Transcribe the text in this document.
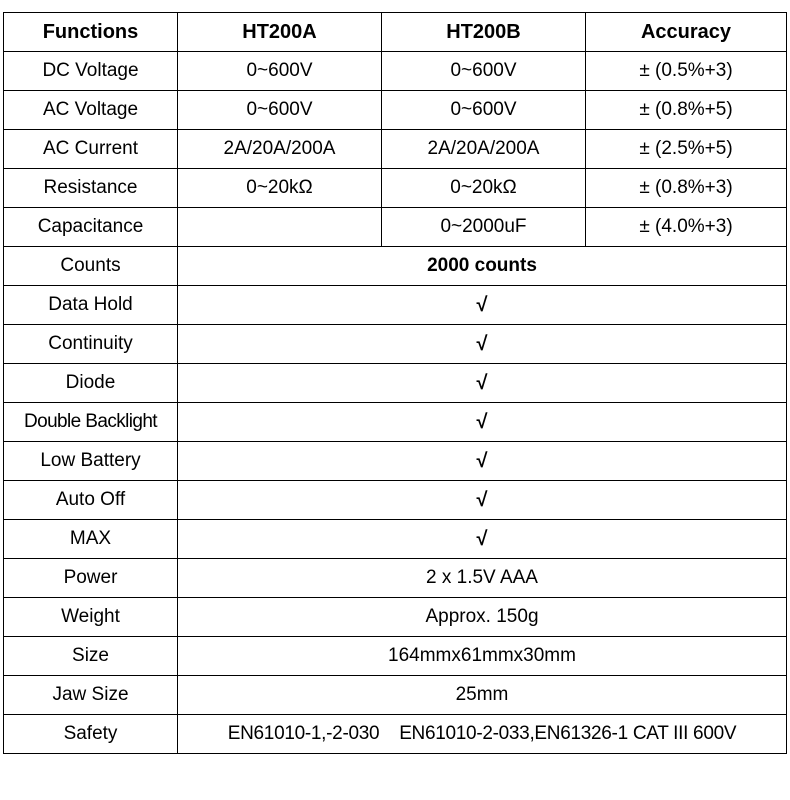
Functions	HT200A	HT200B	Accuracy
DC Voltage	0~600V	0~600V	± (0.5%+3)
AC Voltage	0~600V	0~600V	± (0.8%+5)
AC Current	2A/20A/200A	2A/20A/200A	± (2.5%+5)
Resistance	0~20kΩ	0~20kΩ	± (0.8%+3)
Capacitance		0~2000uF	± (4.0%+3)
Counts	2000 counts		
Data Hold	√		
Continuity	√		
Diode	√		
Double Backlight	√		
Low Battery	√		
Auto Off	√		
MAX	√		
Power	2 x 1.5V AAA		
Weight	Approx. 150g		
Size	164mmx61mmx30mm		
Jaw Size	25mm		
Safety	EN61010-1,-2-030    EN61010-2-033,EN61326-1 CAT III 600V		
